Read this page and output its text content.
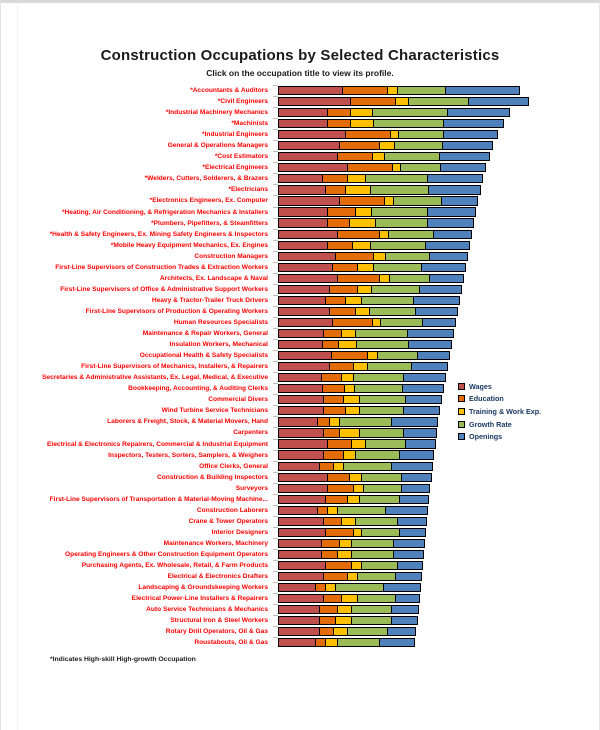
Construction Occupations by Selected Characteristics
Click on the occupation title to view its profile.
*Accountants & Auditors
*Civil Engineers
*Industrial Machinery Mechanics
*Machinists
*Industrial Engineers
General & Operations Managers
*Cost Estimators
*Electrical Engineers
*Welders, Cutters, Solderers, & Brazers
*Electricians
*Electronics Engineers, Ex. Computer
*Heating, Air Conditioning, & Refrigeration Mechanics & Installers
*Plumbers, Pipefitters, & Steamfitters
*Health & Safety Engineers, Ex. Mining Safety Engineers & Inspectors
*Mobile Heavy Equipment Mechanics, Ex. Engines
Construction Managers
First-Line Supervisors of Construction Trades & Extraction Workers
Architects, Ex. Landscape & Naval
First-Line Supervisors of Office & Administrative Support Workers
Heavy & Tractor-Trailer Truck Drivers
First-Line Supervisors of Production & Operating Workers
Human Resources Specialists
Maintenance & Repair Workers, General
Insulation Workers, Mechanical
Occupational Health & Safety Specialists
First-Line Supervisors of Mechanics, Installers, & Repairers
Secretaries & Administrative Assistants, Ex. Legal, Medical, & Executive
Bookkeeping, Accounting, & Auditing Clerks
Commercial Divers
Wind Turbine Service Technicians
Laborers & Freight, Stock, & Material Movers, Hand
Carpenters
Electrical & Electronics Repairers, Commercial & Industrial Equipment
Inspectors, Testers, Sorters, Samplers, & Weighers
Office Clerks, General
Construction & Building Inspectors
Surveyors
First-Line Supervisors of Transportation & Material-Moving Machine...
Construction Laborers
Crane & Tower Operators
Interior Designers
Maintenance Workers, Machinery
Operating Engineers & Other Construction Equipment Operators
Purchasing Agents, Ex. Wholesale, Retail, & Farm Products
Electrical & Electronics Drafters
Landscaping & Groundskeeping Workers
Electrical Power-Line Installers & Repairers
Auto Service Technicians & Mechanics
Structural Iron & Steel Workers
Rotary Drill Operators, Oil & Gas
Roustabouts, Oil & Gas
Wages
Education
Training & Work Exp.
Growth Rate
Openings
*Indicates High-skill High-growth Occupation
